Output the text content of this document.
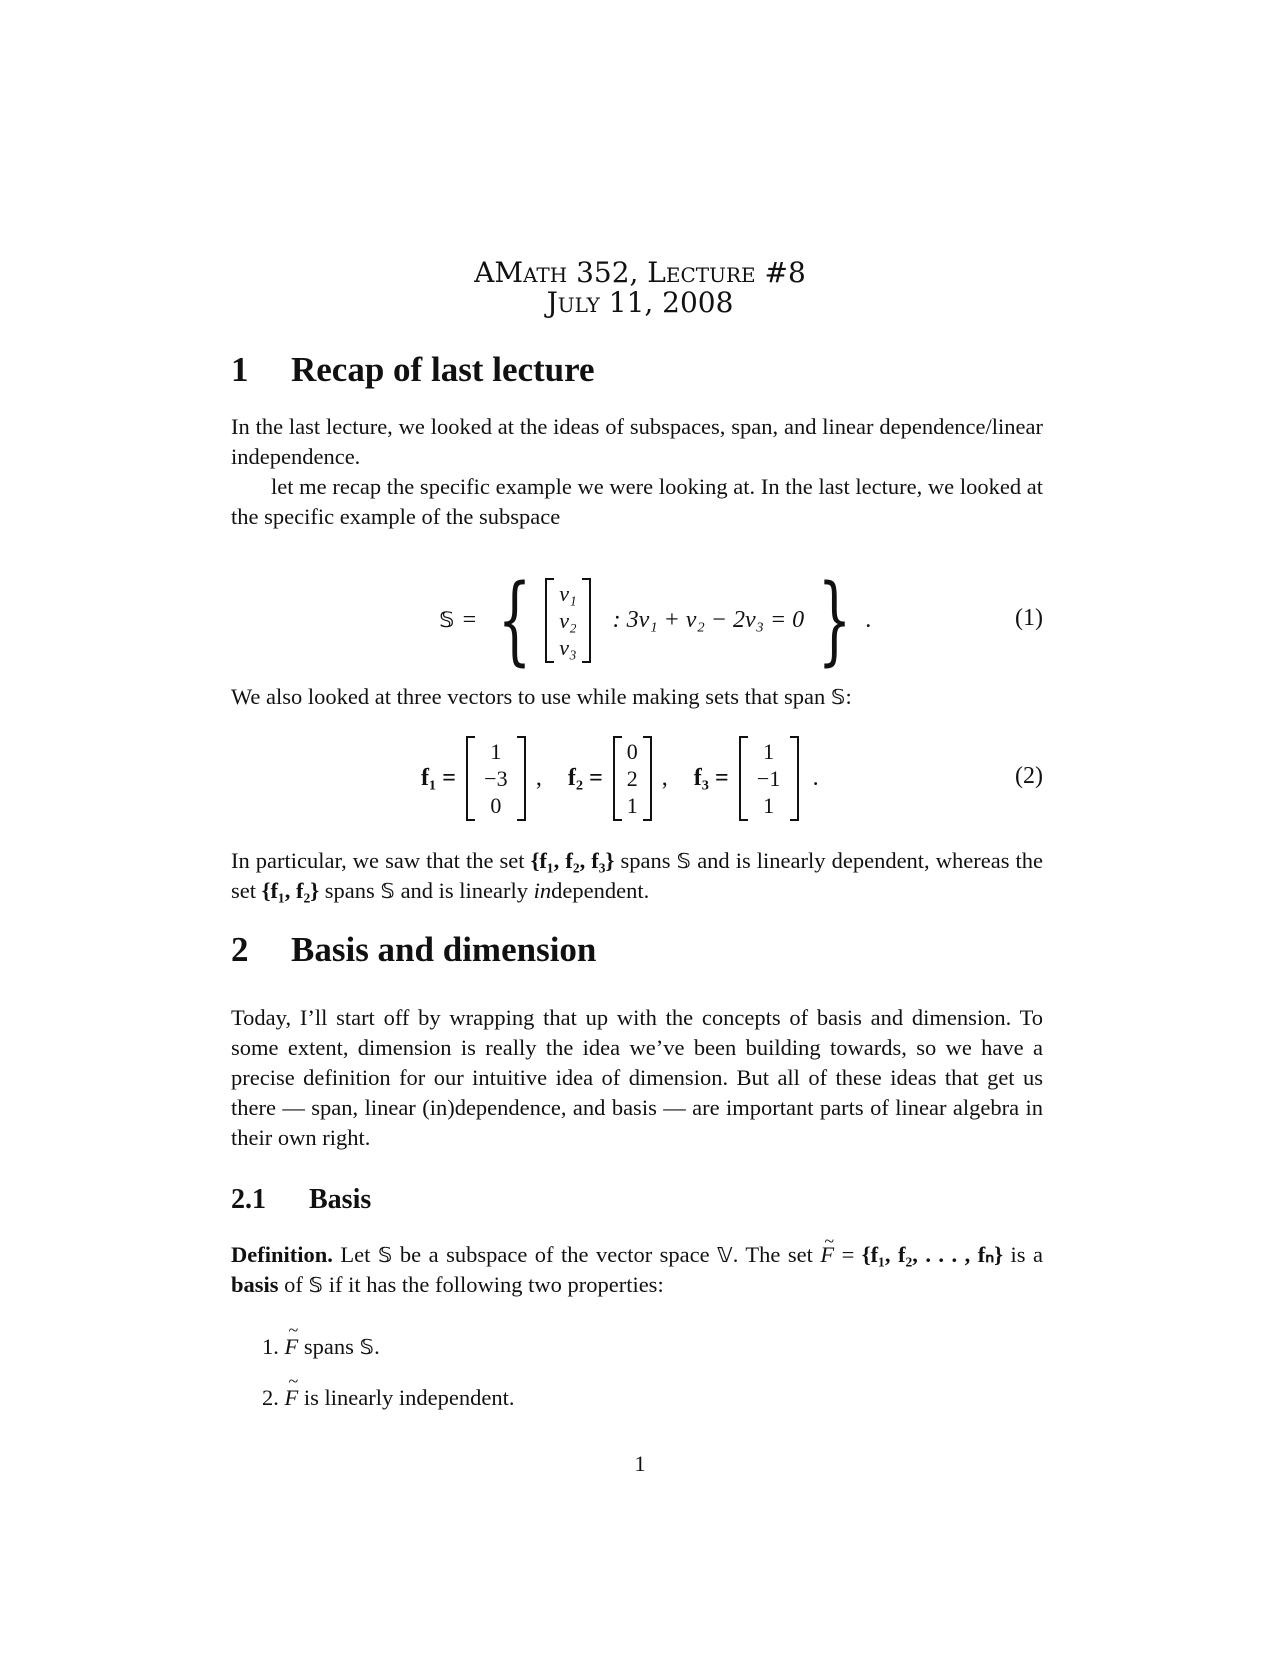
AMath 352, Lecture #8
July 11, 2008
1 Recap of last lecture
In the last lecture, we looked at the ideas of subspaces, span, and linear dependence/linear independence.
let me recap the specific example we were looking at. In the last lecture, we looked at the specific example of the subspace
𝕊 = { v₁
v₂
v₃
: 3v₁ + v₂ − 2v₃ = 0 } .	(1)
We also looked at three vectors to use while making sets that span 𝕊:
f₁ =
1
−3
0
, f₂ =
0
2
1
, f₃ =
1
−1
1
.	(2)
In particular, we saw that the set {f₁, f₂, f₃} spans 𝕊 and is linearly dependent, whereas the set {f₁, f₂} spans 𝕊 and is linearly independent.
2 Basis and dimension
Today, I’ll start off by wrapping that up with the concepts of basis and dimension. To some extent, dimension is really the idea we’ve been building towards, so we have a precise definition for our intuitive idea of dimension. But all of these ideas that get us there — span, linear (in)dependence, and basis — are important parts of linear algebra in their own right.
2.1 Basis
Definition. Let 𝕊 be a subspace of the vector space 𝕍. The set ~ F = {f₁, f₂, . . . , fₙ} is a basis of 𝕊 if it has the following two properties:
1. ~ F spans 𝕊.
2. ~ F is linearly independent.
1
